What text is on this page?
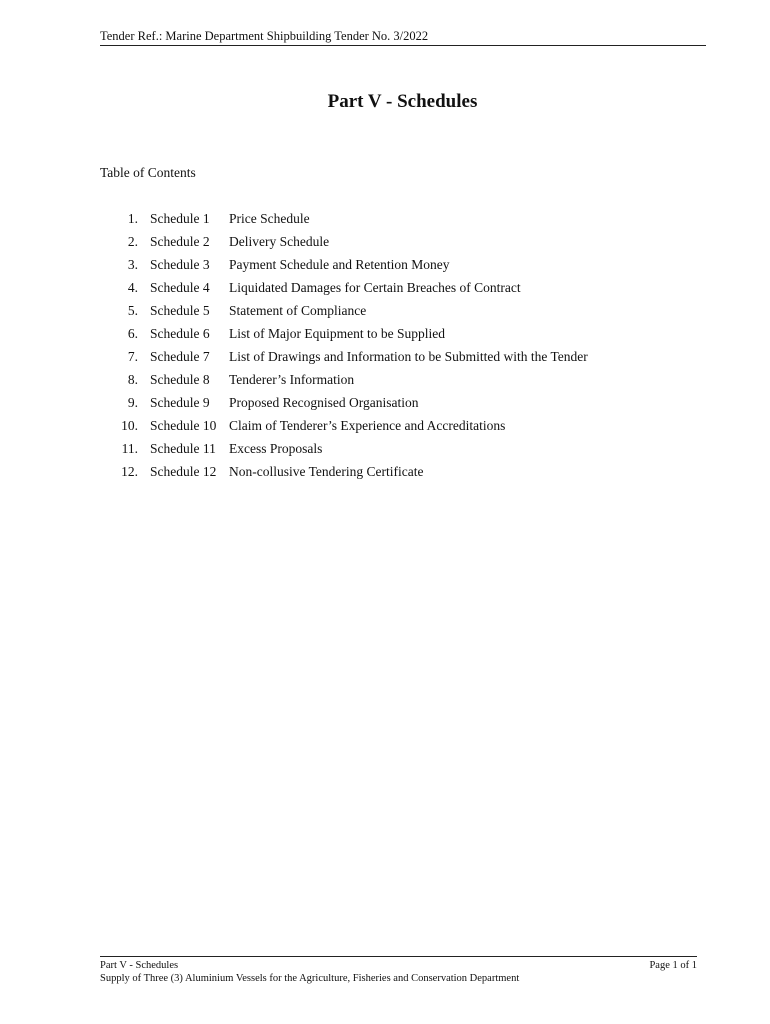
Tender Ref.: Marine Department Shipbuilding Tender No. 3/2022
Part V - Schedules
Table of Contents
1. Schedule 1 Price Schedule
2. Schedule 2 Delivery Schedule
3. Schedule 3 Payment Schedule and Retention Money
4. Schedule 4 Liquidated Damages for Certain Breaches of Contract
5. Schedule 5 Statement of Compliance
6. Schedule 6 List of Major Equipment to be Supplied
7. Schedule 7 List of Drawings and Information to be Submitted with the Tender
8. Schedule 8 Tenderer’s Information
9. Schedule 9 Proposed Recognised Organisation
10. Schedule 10 Claim of Tenderer’s Experience and Accreditations
11. Schedule 11 Excess Proposals
12. Schedule 12 Non-collusive Tendering Certificate
Part V - Schedules	Page 1 of 1
Supply of Three (3) Aluminium Vessels for the Agriculture, Fisheries and Conservation Department
